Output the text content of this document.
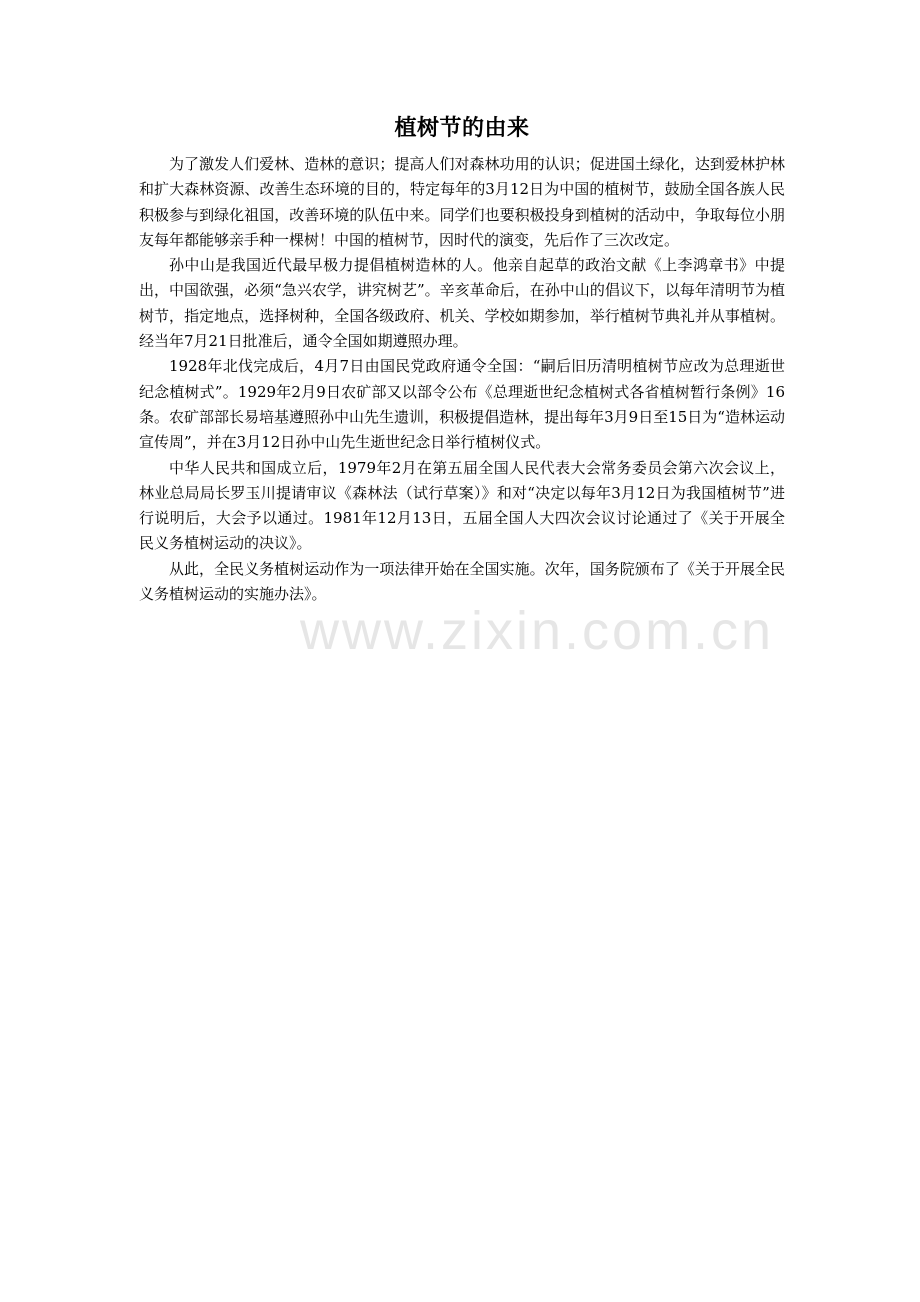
www.zixin.com.cn
植树节的由来

为了激发人们爱林、造林的意识；提高人们对森林功用的认识；促进国土绿化，达到爱林护林和扩大森林资源、改善生态环境的目的，特定每年的3月12日为中国的植树节，鼓励全国各族人民积极参与到绿化祖国，改善环境的队伍中来。同学们也要积极投身到植树的活动中，争取每位小朋友每年都能够亲手种一棵树！中国的植树节，因时代的演变，先后作了三次改定。

孙中山是我国近代最早极力提倡植树造林的人。他亲自起草的政治文献《上李鸿章书》中提出，中国欲强，必须“急兴农学，讲究树艺”。辛亥革命后，在孙中山的倡议下，以每年清明节为植树节，指定地点，选择树种，全国各级政府、机关、学校如期参加，举行植树节典礼并从事植树。经当年7月21日批准后，通令全国如期遵照办理。

1928年北伐完成后，4月7日由国民党政府通令全国：“嗣后旧历清明植树节应改为总理逝世纪念植树式”。1929年2月9日农矿部又以部令公布《总理逝世纪念植树式各省植树暂行条例》16条。农矿部部长易培基遵照孙中山先生遗训，积极提倡造林，提出每年3月9日至15日为“造林运动宣传周”，并在3月12日孙中山先生逝世纪念日举行植树仪式。

中华人民共和国成立后，1979年2月在第五届全国人民代表大会常务委员会第六次会议上，林业总局局长罗玉川提请审议《森林法（试行草案）》和对“决定以每年3月12日为我国植树节”进行说明后，大会予以通过。1981年12月13日，五届全国人大四次会议讨论通过了《关于开展全民义务植树运动的决议》。

从此，全民义务植树运动作为一项法律开始在全国实施。次年，国务院颁布了《关于开展全民义务植树运动的实施办法》。
